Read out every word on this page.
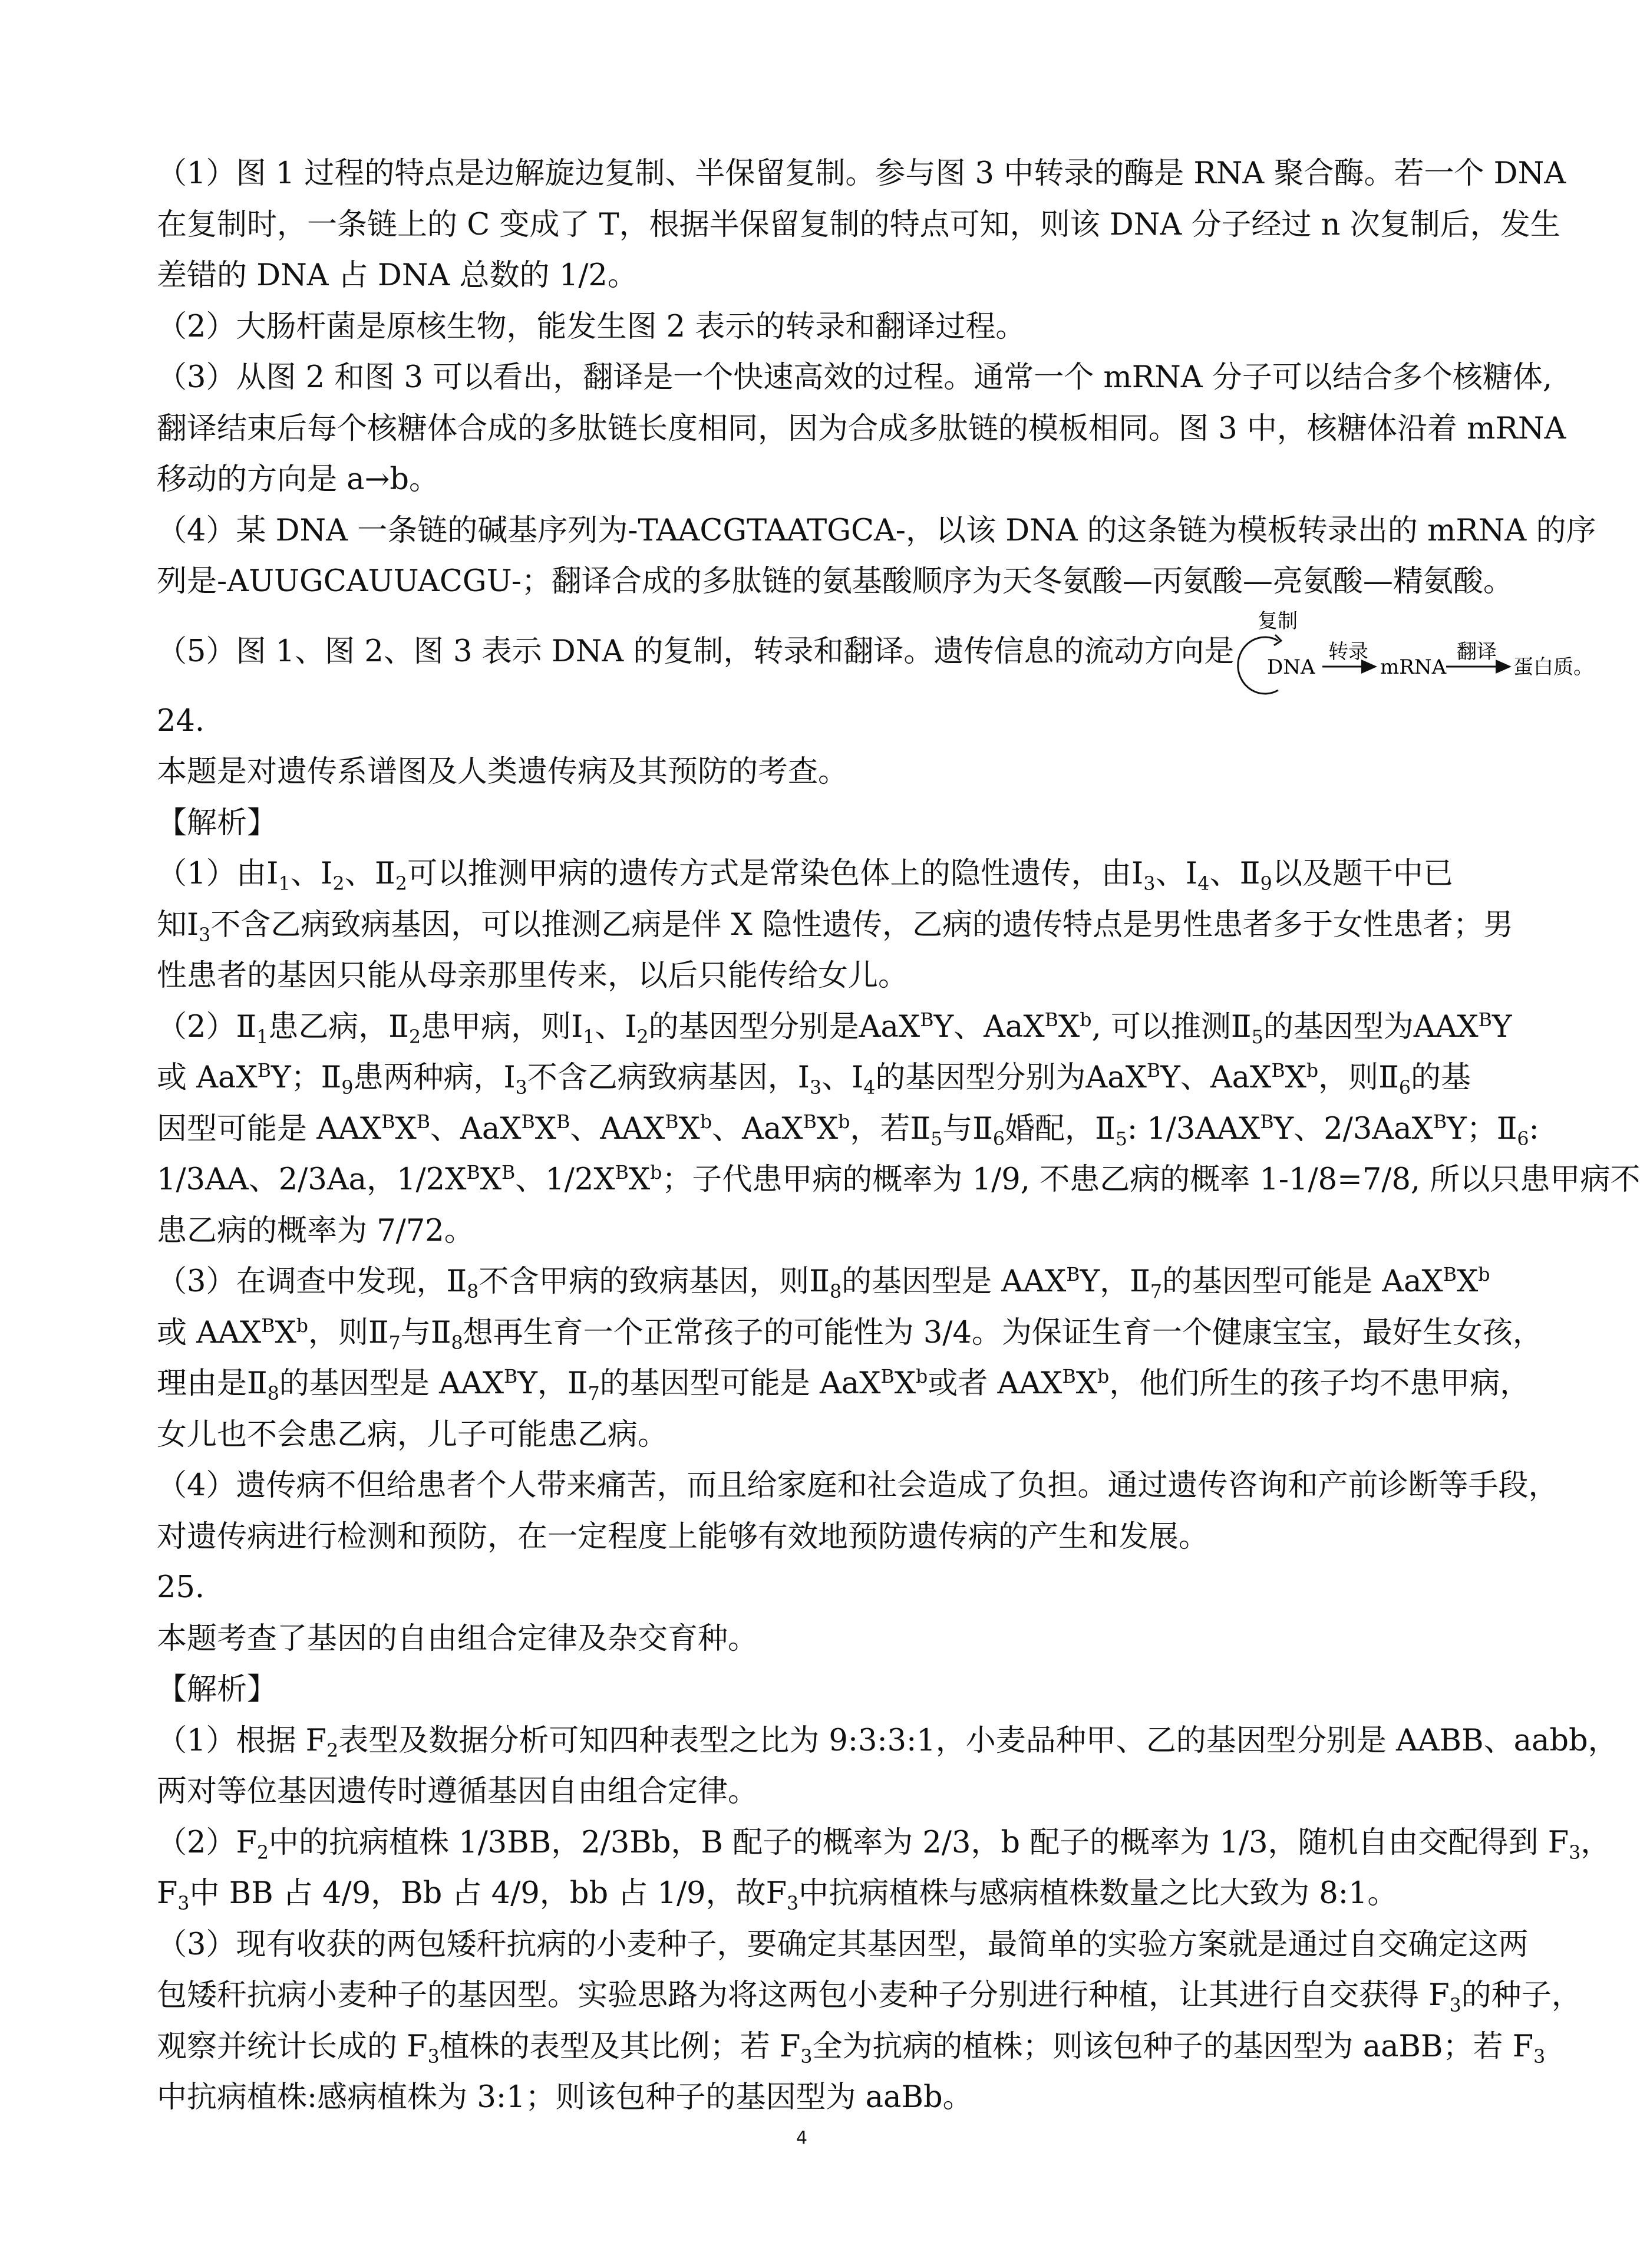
（1）图 1 过程的特点是边解旋边复制、半保留复制。参与图 3 中转录的酶是 RNA 聚合酶。若一个 DNA
在复制时，一条链上的 C 变成了 T，根据半保留复制的特点可知，则该 DNA 分子经过 n 次复制后，发生
差错的 DNA 占 DNA 总数的 1/2。
（2）大肠杆菌是原核生物，能发生图 2 表示的转录和翻译过程。
（3）从图 2 和图 3 可以看出，翻译是一个快速高效的过程。通常一个 mRNA 分子可以结合多个核糖体,
翻译结束后每个核糖体合成的多肽链长度相同，因为合成多肽链的模板相同。图 3 中，核糖体沿着 mRNA
移动的方向是 a→b。
（4）某 DNA 一条链的碱基序列为-TAACGTAATGCA-，以该 DNA 的这条链为模板转录出的 mRNA 的序
列是-AUUGCAUUACGU-；翻译合成的多肽链的氨基酸顺序为天冬氨酸—丙氨酸—亮氨酸—精氨酸。
（5）图 1、图 2、图 3 表示 DNA 的复制，转录和翻译。遗传信息的流动方向是
复制
DNA
转录
mRNA
翻译
蛋白质。
24.
本题是对遗传系谱图及人类遗传病及其预防的考查。
【解析】
（1）由$Ⅰ_1$、$Ⅰ_2$、$Ⅱ_2$可以推测甲病的遗传方式是常染色体上的隐性遗传，由$Ⅰ_3$、$Ⅰ_4$、$Ⅱ_9$以及题干中已
知$Ⅰ_3$不含乙病致病基因，可以推测乙病是伴 X 隐性遗传，乙病的遗传特点是男性患者多于女性患者；男
性患者的基因只能从母亲那里传来，以后只能传给女儿。
$(2)Ⅱ_1$患乙病，$Ⅱ_2$患甲病，则$Ⅰ_1$、$Ⅰ_2$的基因型分别是AaX$^B$Y、$AaX^BX^b$, 可以推测$Ⅱ_5$的基因型为$AAX^BY$
或 AaX$^B$Y；$Ⅱ_9$患两种病，$Ⅰ_3$不含乙病致病基因，$Ⅰ_3$、$Ⅰ_4$的基因型分别为AaX$^B$Y、$AaX^BX^b$，则$Ⅱ_6$的基
因型可能是 $AAX^BX^B$、$AaX^BX^B$、$AAX^BX^b$、$AaX^BX^b$，若$Ⅱ_5$与$Ⅱ_6$婚配，$Ⅱ_5$: $1/3AAX^BY$、2/3AaX$^B$Y；$Ⅱ_6$:
1/3AA、2/3Aa，$1/2X^BX^B$、$1/2X^BX^b$；子代患甲病的概率为 1/9, 不患乙病的概率 1-1/8=7/8, 所以只患甲病不
患乙病的概率为 7/72。
（3）在调查中发现，$Ⅱ_8$不含甲病的致病基因，则$Ⅱ_8$的基因型是 $AAX^BY$，$Ⅱ_7$的基因型可能是 $AaX^BX^b$
或 $AAX^BX^b$，则$Ⅱ_7$与$Ⅱ_8$想再生育一个正常孩子的可能性为 3/4。为保证生育一个健康宝宝，最好生女孩，
理由是$Ⅱ_8$的基因型是 $AAX^BY$，$Ⅱ_7$的基因型可能是 $AaX^BX^b$或者 $AAX^BX^b$，他们所生的孩子均不患甲病，
女儿也不会患乙病，儿子可能患乙病。
（4）遗传病不但给患者个人带来痛苦，而且给家庭和社会造成了负担。通过遗传咨询和产前诊断等手段，
对遗传病进行检测和预防，在一定程度上能够有效地预防遗传病的产生和发展。
25.
本题考查了基因的自由组合定律及杂交育种。
【解析】
（1）根据 $F_2$表型及数据分析可知四种表型之比为 9:3:3:1，小麦品种甲、乙的基因型分别是 AABB、aabb，
两对等位基因遗传时遵循基因自由组合定律。
$(2)F_2$中的抗病植株 1/3BB，2/3Bb，B 配子的概率为 2/3，b 配子的概率为 1/3，随机自由交配得到 $F_3$，
$F_3$中 BB 占 4/9，Bb 占 4/9，bb 占 1/9，故$F_3$中抗病植株与感病植株数量之比大致为 8:1。
（3）现有收获的两包矮秆抗病的小麦种子，要确定其基因型，最简单的实验方案就是通过自交确定这两
包矮秆抗病小麦种子的基因型。实验思路为将这两包小麦种子分别进行种植，让其进行自交获得 $F_3$的种子，
观察并统计长成的 $F_3$植株的表型及其比例；若 $F_3$全为抗病的植株；则该包种子的基因型为 aaBB；若 $F_3$
中抗病植株:感病植株为 3:1；则该包种子的基因型为 aaBb。
4
